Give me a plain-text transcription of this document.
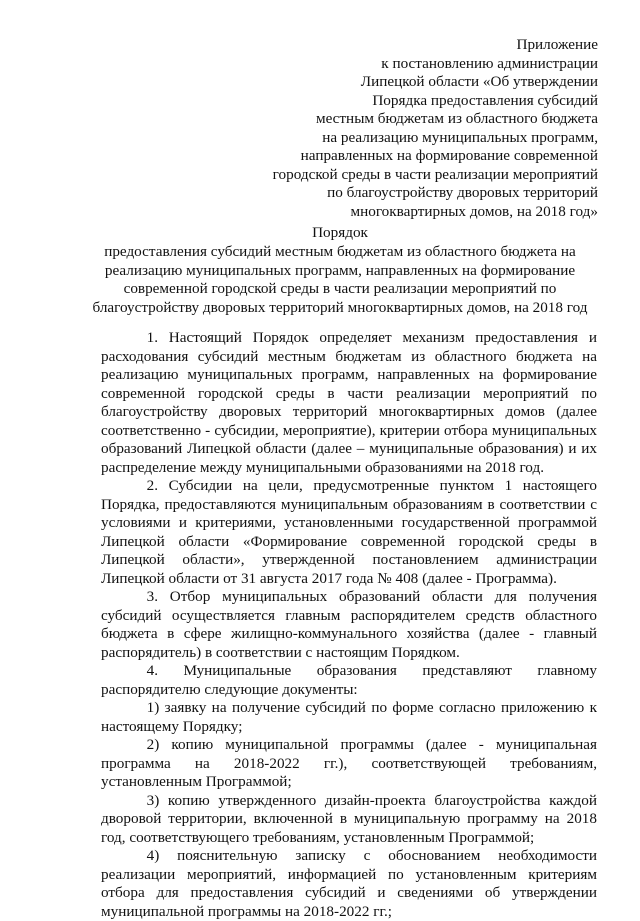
Приложение
к постановлению администрации
Липецкой области «Об утверждении
Порядка предоставления субсидий
местным бюджетам из областного бюджета
на реализацию муниципальных программ,
направленных на формирование современной
городской среды в части реализации мероприятий
по благоустройству дворовых территорий
многоквартирных домов, на 2018 год»
Порядок
предоставления субсидий местным бюджетам из областного бюджета на
реализацию муниципальных программ, направленных на формирование
современной городской среды в части реализации мероприятий по
благоустройству дворовых территорий многоквартирных домов, на 2018 год

1. Настоящий Порядок определяет механизм предоставления и расходования субсидий местным бюджетам из областного бюджета на реализацию муниципальных программ, направленных на формирование современной городской среды в части реализации мероприятий по благоустройству дворовых территорий многоквартирных домов (далее соответственно - субсидии, мероприятие), критерии отбора муниципальных образований Липецкой области (далее – муниципальные образования) и их распределение между муниципальными образованиями на 2018 год.

2. Субсидии на цели, предусмотренные пунктом 1 настоящего Порядка, предоставляются муниципальным образованиям в соответствии с условиями и критериями, установленными государственной программой Липецкой области «Формирование современной городской среды в Липецкой области», утвержденной постановлением администрации Липецкой области от 31 августа 2017 года № 408 (далее - Программа).

3. Отбор муниципальных образований области для получения субсидий осуществляется главным распорядителем средств областного бюджета в сфере жилищно-коммунального хозяйства (далее - главный распорядитель) в соответствии с настоящим Порядком.

4. Муниципальные образования представляют главному распорядителю следующие документы:

1) заявку на получение субсидий по форме согласно приложению к настоящему Порядку;

2) копию муниципальной программы (далее - муниципальная программа на 2018-2022 гг.), соответствующей требованиям, установленным Программой;

3) копию утвержденного дизайн-проекта благоустройства каждой дворовой территории, включенной в муниципальную программу на 2018 год, соответствующего требованиям, установленным Программой;

4) пояснительную записку с обоснованием необходимости реализации мероприятий, информацией по установленным критериям отбора для предоставления субсидий и сведениями об утверждении муниципальной программы на 2018-2022 гг.;
